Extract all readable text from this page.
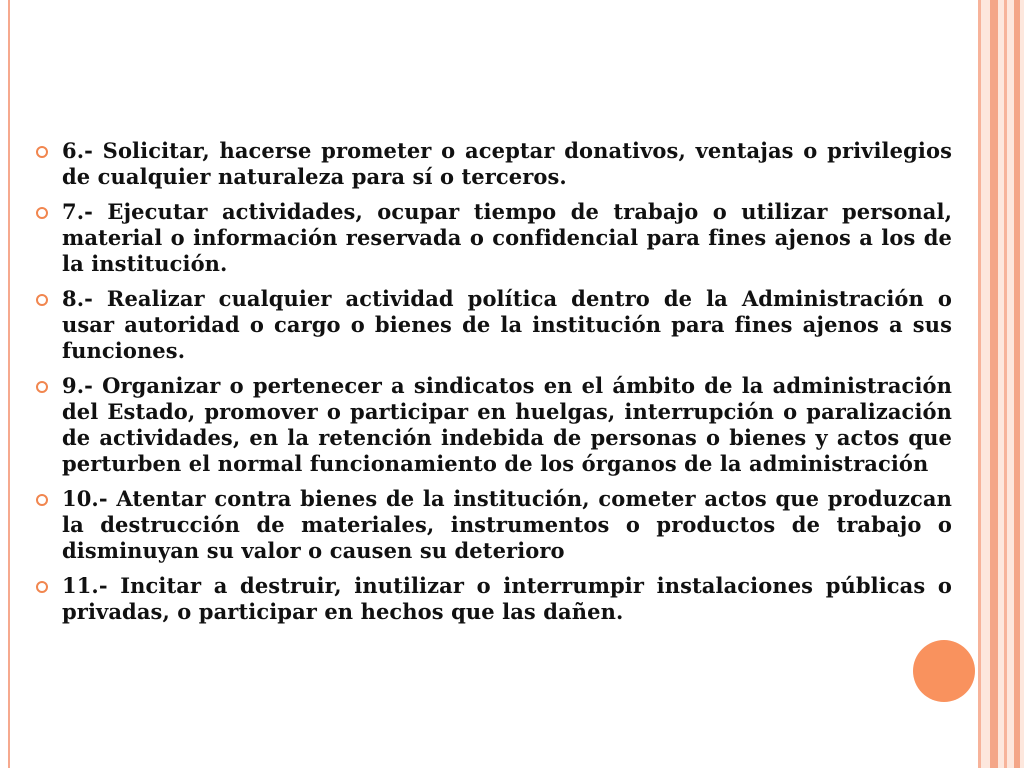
6.- Solicitar, hacerse prometer o aceptar donativos, ventajas o privilegios de cualquier naturaleza para sí o terceros.
7.- Ejecutar actividades, ocupar tiempo de trabajo o utilizar personal, material o información reservada o confidencial para fines ajenos a los de la institución.
8.- Realizar cualquier actividad política dentro de la Administración o usar autoridad o cargo o bienes de la institución para fines ajenos a sus funciones.
9.- Organizar o pertenecer a sindicatos en el ámbito de la administración del Estado, promover o participar en huelgas, interrupción o paralización de actividades, en la retención indebida de personas o bienes y actos que perturben el normal funcionamiento de los órganos de la administración
10.- Atentar contra bienes de la institución, cometer actos que produzcan la destrucción de materiales, instrumentos o productos de trabajo o disminuyan su valor o causen su deterioro
11.- Incitar a destruir, inutilizar o interrumpir instalaciones públicas o privadas, o participar en hechos que las dañen.
